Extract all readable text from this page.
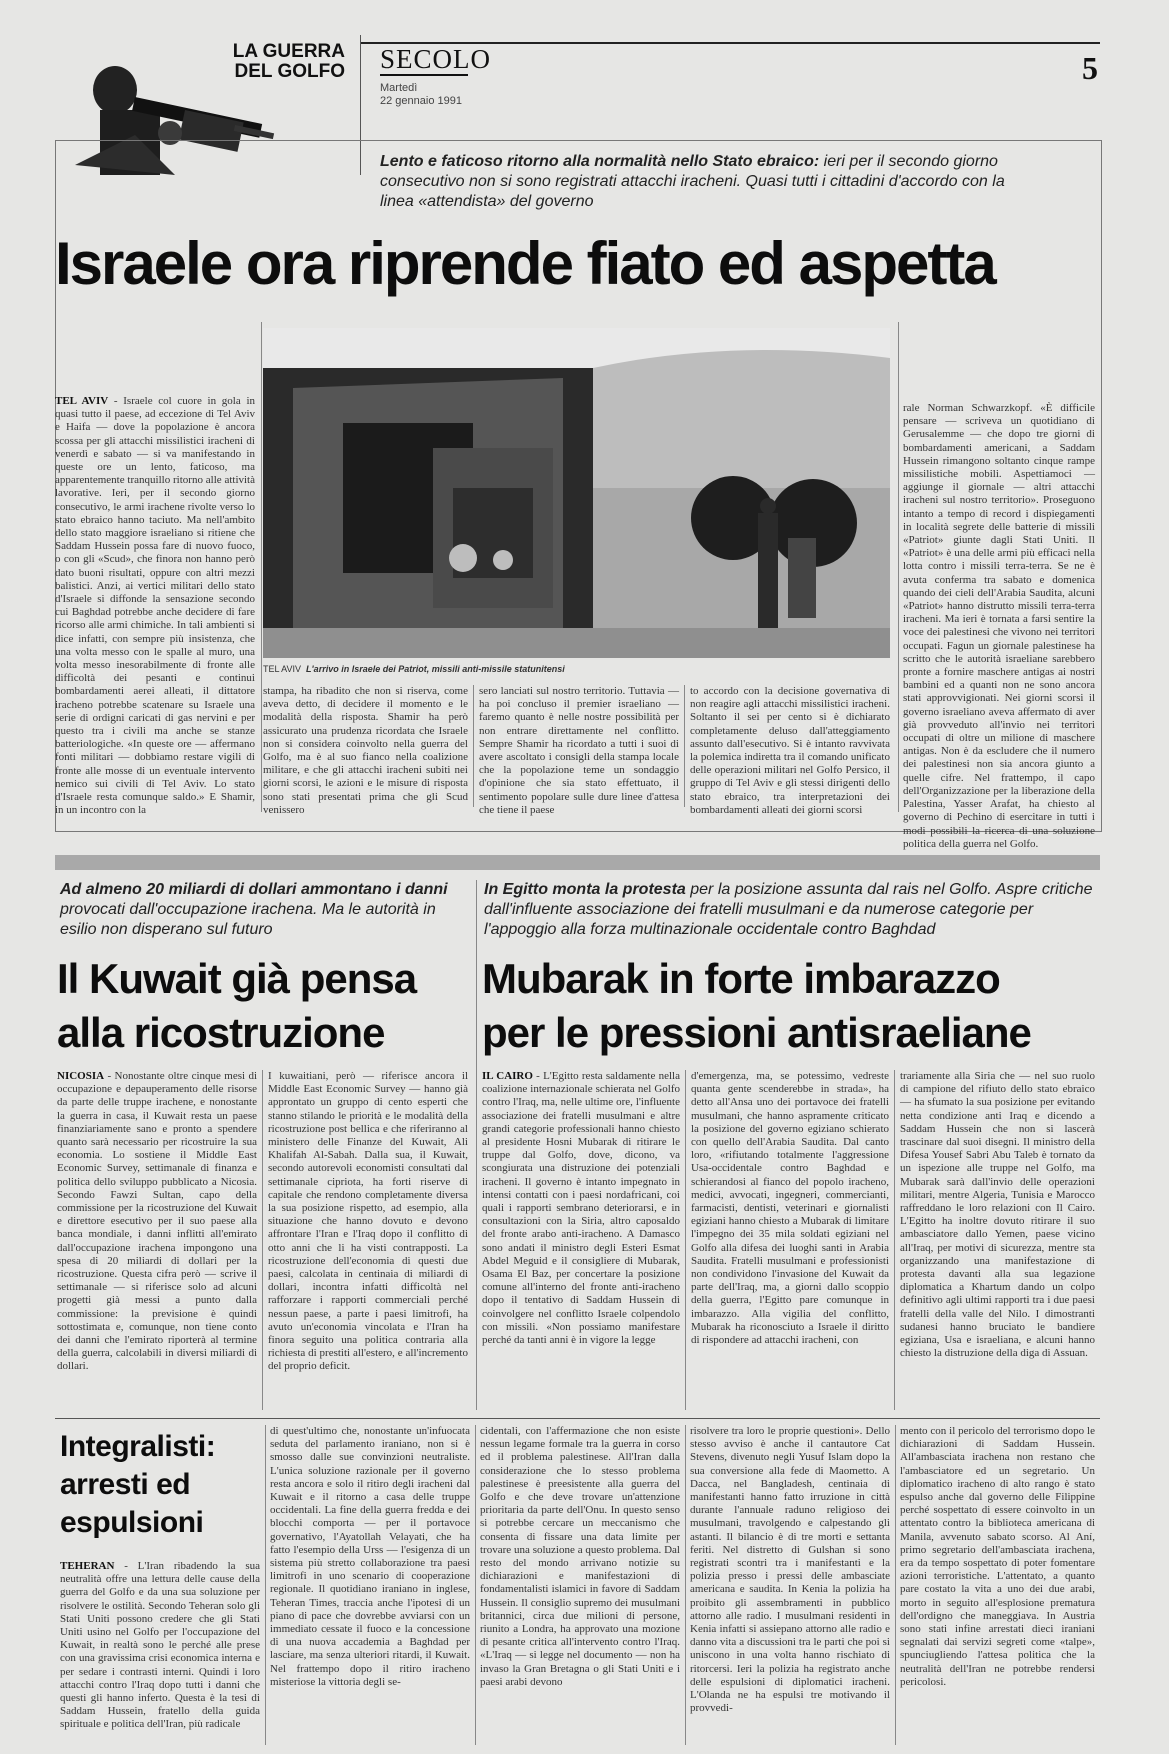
LA GUERRA DEL GOLFO SECOLO
Martedì
22 gennaio 1991
5
Lento e faticoso ritorno alla normalità nello Stato ebraico: ieri per il secondo giorno consecutivo non si sono registrati attacchi iracheni. Quasi tutti i cittadini d'accordo con la linea «attendista» del governo
Israele ora riprende fiato ed aspetta
TEL AVIV - Israele col cuore in gola in quasi tutto il paese, ad eccezione di Tel Aviv e Haifa — dove la popolazione è ancora scossa per gli attacchi missilistici iracheni di venerdì e sabato — si va manifestando in queste ore un lento, faticoso, ma apparentemente tranquillo ritorno alle attività lavorative. Ieri, per il secondo giorno consecutivo, le armi irachene rivolte verso lo stato ebraico hanno taciuto. Ma nell'ambito dello stato maggiore israeliano si ritiene che Saddam Hussein possa fare di nuovo fuoco, o con gli «Scud», che finora non hanno però dato buoni risultati, oppure con altri mezzi balistici. Anzi, ai vertici militari dello stato d'Israele si diffonde la sensazione secondo cui Baghdad potrebbe anche decidere di fare ricorso alle armi chimiche. In tali ambienti si dice infatti, con sempre più insistenza, che una volta messo con le spalle al muro, una volta messo inesorabilmente di fronte alle difficoltà dei pesanti e continui bombardamenti aerei alleati, il dittatore iracheno potrebbe scatenare su Israele una serie di ordigni caricati di gas nervini e per questo tra i civili ma anche se stanze batteriologiche. «In queste ore — affermano fonti militari — dobbiamo restare vigili di fronte alle mosse di un eventuale intervento nemico sui civili di Tel Aviv. Lo stato d'Israele resta comunque saldo.» E Shamir, in un incontro con la
TEL AVIV L'arrivo in Israele dei Patriot, missili anti-missile statunitensi
rale Norman Schwarzkopf. «È difficile pensare — scriveva un quotidiano di Gerusalemme — che dopo tre giorni di bombardamenti americani, a Saddam Hussein rimangono soltanto cinque rampe missilistiche mobili. Aspettiamoci — aggiunge il giornale — altri attacchi iracheni sul nostro territorio». Proseguono intanto a tempo di record i dispiegamenti in località segrete delle batterie di missili «Patriot» giunte dagli Stati Uniti. Il «Patriot» è una delle armi più efficaci nella lotta contro i missili terra-terra. Se ne è avuta conferma tra sabato e domenica quando dei cieli dell'Arabia Saudita, alcuni «Patriot» hanno distrutto missili terra-terra iracheni. Ma ieri è tornata a farsi sentire la voce dei palestinesi che vivono nei territori occupati. Fagun un giornale palestinese ha scritto che le autorità israeliane sarebbero pronte a fornire maschere antigas ai nostri bambini ed a quanti non ne sono ancora stati approvvigionati. Nei giorni scorsi il governo israeliano aveva affermato di aver già provveduto all'invio nei territori occupati di oltre un milione di maschere antigas. Non è da escludere che il numero dei palestinesi non sia ancora giunto a quelle cifre. Nel frattempo, il capo dell'Organizzazione per la liberazione della Palestina, Yasser Arafat, ha chiesto al governo di Pechino di esercitare in tutti i modi possibili la ricerca di una soluzione politica della guerra nel Golfo.
stampa, ha ribadito che non si riserva, come aveva detto, di decidere il momento e le modalità della risposta. Shamir ha però assicurato una prudenza ricordata che Israele non si considera coinvolto nella guerra del Golfo, ma è al suo fianco nella coalizione militare, e che gli attacchi iracheni subiti nei giorni scorsi, le azioni e le misure di risposta sono stati presentati prima che gli Scud venissero
sero lanciati sul nostro territorio. Tuttavia — ha poi concluso il premier israeliano — faremo quanto è nelle nostre possibilità per non entrare direttamente nel conflitto. Sempre Shamir ha ricordato a tutti i suoi di avere ascoltato i consigli della stampa locale che la popolazione teme un sondaggio d'opinione che sia stato effettuato, il sentimento popolare sulle dure linee d'attesa che tiene il paese
to accordo con la decisione governativa di non reagire agli attacchi missilistici iracheni. Soltanto il sei per cento si è dichiarato completamente deluso dall'atteggiamento assunto dall'esecutivo. Si è intanto ravvivata la polemica indiretta tra il comando unificato delle operazioni militari nel Golfo Persico, il gruppo di Tel Aviv e gli stessi dirigenti dello stato ebraico, tra interpretazioni dei bombardamenti alleati dei giorni scorsi
Ad almeno 20 miliardi di dollari ammontano i danni provocati dall'occupazione irachena. Ma le autorità in esilio non disperano sul futuro
Il Kuwait già pensa
alla ricostruzione
NICOSIA - Nonostante oltre cinque mesi di occupazione e depauperamento delle risorse da parte delle truppe irachene, e nonostante la guerra in casa, il Kuwait resta un paese finanziariamente sano e pronto a spendere quanto sarà necessario per ricostruire la sua economia. Lo sostiene il Middle East Economic Survey, settimanale di finanza e politica dello sviluppo pubblicato a Nicosia. Secondo Fawzi Sultan, capo della commissione per la ricostruzione del Kuwait e direttore esecutivo per il suo paese alla banca mondiale, i danni inflitti all'emirato dall'occupazione irachena impongono una spesa di 20 miliardi di dollari per la ricostruzione. Questa cifra però — scrive il settimanale — si riferisce solo ad alcuni progetti già messi a punto dalla commissione: la previsione è quindi sottostimata e, comunque, non tiene conto dei danni che l'emirato riporterà al termine della guerra, calcolabili in diversi miliardi di dollari.
I kuwaitiani, però — riferisce ancora il Middle East Economic Survey — hanno già approntato un gruppo di cento esperti che stanno stilando le priorità e le modalità della ricostruzione post bellica e che riferiranno al ministero delle Finanze del Kuwait, Ali Khalifah Al-Sabah. Dalla sua, il Kuwait, secondo autorevoli economisti consultati dal settimanale cipriota, ha forti riserve di capitale che rendono completamente diversa la sua posizione rispetto, ad esempio, alla situazione che hanno dovuto e devono affrontare l'Iran e l'Iraq dopo il conflitto di otto anni che li ha visti contrapposti. La ricostruzione dell'economia di questi due paesi, calcolata in centinaia di miliardi di dollari, incontra infatti difficoltà nel rafforzare i rapporti commerciali perché nessun paese, a parte i paesi limitrofi, ha avuto un'economia vincolata e l'Iran ha finora seguito una politica contraria alla richiesta di prestiti all'estero, e all'incremento del proprio deficit.
In Egitto monta la protesta per la posizione assunta dal rais nel Golfo. Aspre critiche dall'influente associazione dei fratelli musulmani e da numerose categorie per l'appoggio alla forza multinazionale occidentale contro Baghdad
Mubarak in forte imbarazzo
per le pressioni antisraeliane
IL CAIRO - L'Egitto resta saldamente nella coalizione internazionale schierata nel Golfo contro l'Iraq, ma, nelle ultime ore, l'influente associazione dei fratelli musulmani e altre grandi categorie professionali hanno chiesto al presidente Hosni Mubarak di ritirare le truppe dal Golfo, dove, dicono, va scongiurata una distruzione dei potenziali iracheni. Il governo è intanto impegnato in intensi contatti con i paesi nordafricani, coi quali i rapporti sembrano deteriorarsi, e in consultazioni con la Siria, altro caposaldo del fronte arabo anti-iracheno. A Damasco sono andati il ministro degli Esteri Esmat Abdel Meguid e il consigliere di Mubarak, Osama El Baz, per concertare la posizione comune all'interno del fronte anti-iracheno dopo il tentativo di Saddam Hussein di coinvolgere nel conflitto Israele colpendolo con missili. «Non possiamo manifestare perché da tanti anni è in vigore la legge
d'emergenza, ma, se potessimo, vedreste quanta gente scenderebbe in strada», ha detto all'Ansa uno dei portavoce dei fratelli musulmani, che hanno aspramente criticato la posizione del governo egiziano schierato con quello dell'Arabia Saudita. Dal canto loro, «rifiutando totalmente l'aggressione Usa-occidentale contro Baghdad e schierandosi al fianco del popolo iracheno, medici, avvocati, ingegneri, commercianti, farmacisti, dentisti, veterinari e giornalisti egiziani hanno chiesto a Mubarak di limitare l'impegno dei 35 mila soldati egiziani nel Golfo alla difesa dei luoghi santi in Arabia Saudita. Fratelli musulmani e professionisti non condividono l'invasione del Kuwait da parte dell'Iraq, ma, a giorni dallo scoppio della guerra, l'Egitto pare comunque in imbarazzo. Alla vigilia del conflitto, Mubarak ha riconosciuto a Israele il diritto di rispondere ad attacchi iracheni, con
trariamente alla Siria che — nel suo ruolo di campione del rifiuto dello stato ebraico — ha sfumato la sua posizione per evitando netta condizione anti Iraq e dicendo a Saddam Hussein che non si lascerà trascinare dal suoi disegni. Il ministro della Difesa Yousef Sabri Abu Taleb è tornato da un ispezione alle truppe nel Golfo, ma Mubarak sarà dall'invio delle operazioni militari, mentre Algeria, Tunisia e Marocco raffreddano le loro relazioni con Il Cairo. L'Egitto ha inoltre dovuto ritirare il suo ambasciatore dallo Yemen, paese vicino all'Iraq, per motivi di sicurezza, mentre sta organizzando una manifestazione di protesta davanti alla sua legazione diplomatica a Khartum dando un colpo definitivo agli ultimi rapporti tra i due paesi fratelli della valle del Nilo. I dimostranti sudanesi hanno bruciato le bandiere egiziana, Usa e israeliana, e alcuni hanno chiesto la distruzione della diga di Assuan.
Integralisti: arresti ed espulsioni
TEHERAN - L'Iran ribadendo la sua neutralità offre una lettura delle cause della guerra del Golfo e da una sua soluzione per risolvere le ostilità. Secondo Teheran solo gli Stati Uniti possono credere che gli Stati Uniti usino nel Golfo per l'occupazione del Kuwait, in realtà sono le perché alle prese con una gravissima crisi economica interna e per sedare i contrasti interni. Quindi i loro attacchi contro l'Iraq dopo tutti i danni che questi gli hanno inferto. Questa è la tesi di Saddam Hussein, fratello della guida spirituale e politica dell'Iran, più radicale
di quest'ultimo che, nonostante un'infuocata seduta del parlamento iraniano, non si è smosso dalle sue convinzioni neutraliste. L'unica soluzione razionale per il governo resta ancora e solo il ritiro degli iracheni dal Kuwait e il ritorno a casa delle truppe occidentali. La fine della guerra fredda e dei blocchi comporta — per il portavoce governativo, l'Ayatollah Velayati, che ha fatto l'esempio della Urss — l'esigenza di un sistema più stretto collaborazione tra paesi limitrofi in uno scenario di cooperazione regionale. Il quotidiano iraniano in inglese, Teheran Times, traccia anche l'ipotesi di un piano di pace che dovrebbe avviarsi con un immediato cessate il fuoco e la concessione di una nuova accademia a Baghdad per lasciare, ma senza ulteriori ritardi, il Kuwait. Nel frattempo dopo il ritiro iracheno misteriose la vittoria degli se-
cidentali, con l'affermazione che non esiste nessun legame formale tra la guerra in corso ed il problema palestinese. All'Iran dalla considerazione che lo stesso problema palestinese è preesistente alla guerra del Golfo e che deve trovare un'attenzione prioritaria da parte dell'Onu. In questo senso si potrebbe cercare un meccanismo che consenta di fissare una data limite per trovare una soluzione a questo problema. Dal resto del mondo arrivano notizie su dichiarazioni e manifestazioni di fondamentalisti islamici in favore di Saddam Hussein. Il consiglio supremo dei musulmani britannici, circa due milioni di persone, riunito a Londra, ha approvato una mozione di pesante critica all'intervento contro l'Iraq. «L'Iraq — si legge nel documento — non ha invaso la Gran Bretagna o gli Stati Uniti e i paesi arabi devono
risolvere tra loro le proprie questioni». Dello stesso avviso è anche il cantautore Cat Stevens, divenuto negli Yusuf Islam dopo la sua conversione alla fede di Maometto. A Dacca, nel Bangladesh, centinaia di manifestanti hanno fatto irruzione in città durante l'annuale raduno religioso dei musulmani, travolgendo e calpestando gli astanti. Il bilancio è di tre morti e settanta feriti. Nel distretto di Gulshan si sono registrati scontri tra i manifestanti e la polizia presso i pressi delle ambasciate americana e saudita. In Kenia la polizia ha proibito gli assembramenti in pubblico attorno alle radio. I musulmani residenti in Kenia infatti si assiepano attorno alle radio e danno vita a discussioni tra le parti che poi si uniscono in una volta hanno rischiato di ritorcersi. Ieri la polizia ha registrato anche delle espulsioni di diplomatici iracheni. L'Olanda ne ha espulsi tre motivando il provvedi-
mento con il pericolo del terrorismo dopo le dichiarazioni di Saddam Hussein. All'ambasciata irachena non restano che l'ambasciatore ed un segretario. Un diplomatico iracheno di alto rango è stato espulso anche dal governo delle Filippine perché sospettato di essere coinvolto in un attentato contro la biblioteca americana di Manila, avvenuto sabato scorso. Al Aní, primo segretario dell'ambasciata irachena, era da tempo sospettato di poter fomentare azioni terroristiche. L'attentato, a quanto pare costato la vita a uno dei due arabi, morto in seguito all'esplosione prematura dell'ordigno che maneggiava. In Austria sono stati infine arrestati dieci iraniani segnalati dai servizi segreti come «talpe», spunciugliendo l'attesa politica che la neutralità dell'Iran ne potrebbe rendersi pericolosi.
